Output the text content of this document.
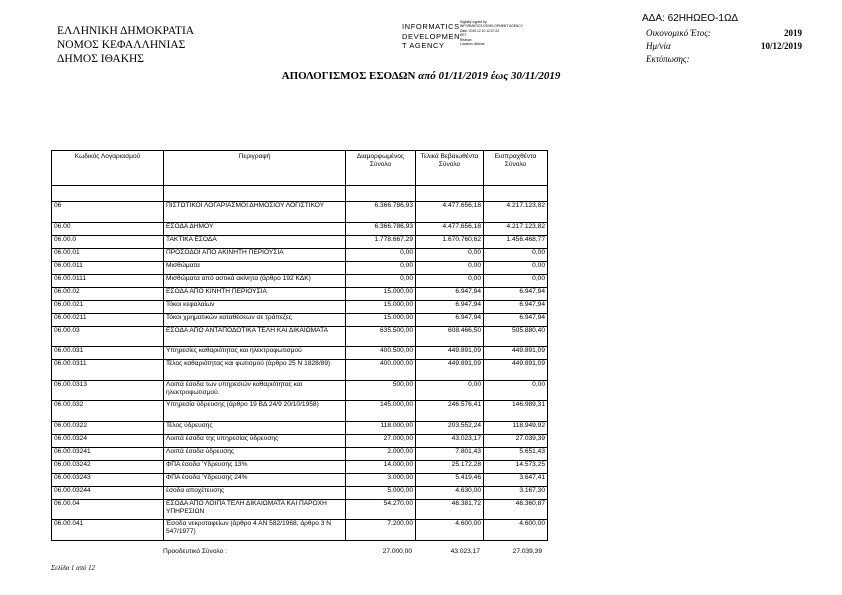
ΕΛΛΗΝΙΚΗ ΔΗΜΟΚΡΑΤΙΑ
ΝΟΜΟΣ ΚΕΦΑΛΛΗΝΙΑΣ
ΔΗΜΟΣ ΙΘΑΚΗΣ
INFORMATICS
DEVELOPMEN
T AGENCY
Digitally signed by
INFORMATICS DEVELOPMENT AGENCY
Date: 2019.12.10 12:27:22
EET
Reason:
Location: Athens
ΑΔΑ: 62ΗΗΩΕΟ-1ΩΔ
Οικονομικό Έτος:	2019
Ημ/νία	10/12/2019
Εκτύπωσης:
ΑΠΟΛΟΓΙΣΜΟΣ ΕΣΟΔΩΝ από 01/11/2019 έως 30/11/2019
Κωδικός Λογαριασμού	Περιγραφή	Διαμορφωμένος Σύνολο	Τελικά Βεβαιωθέντα Σύνολο	Εισπραχθέντα Σύνολο

06	ΠΙΣΤΩΤΙΚΟΙ ΛΟΓΑΡΙΑΣΜΟΙ ΔΗΜΟΣΙΟΥ ΛΟΓΙΣΤΙΚΟΥ	6.366.786,93	4.477.656,18	4.217.123,82
06.00	ΕΣΟΔΑ ΔΗΜΟΥ	6.366.786,93	4.477.656,18	4.217.123,82
06.00.0	ΤΑΚΤΙΚΑ ΕΣΟΔΑ	1.778.667,29	1.670.760,62	1.456.468,77
06.00.01	ΠΡΟΣΟΔΟΙ ΑΠΟ ΑΚΙΝΗΤΗ ΠΕΡΙΟΥΣΙΑ	0,00	0,00	0,00
06.00.011	Μισθώματα	0,00	0,00	0,00
06.00.0111	Μισθώματα από αστικά ακίνητα (άρθρο 192 ΚΔΚ)	0,00	0,00	0,00
06.00.02	ΕΣΟΔΑ ΑΠΟ ΚΙΝΗΤΗ ΠΕΡΙΟΥΣΙΑ	15.000,00	6.947,94	6.947,94
06.00.021	Τόκοι κεφαλαίων	15.000,00	6.947,94	6.947,94
06.00.0211	Τόκοι χρηματικών καταθέσεων σε τράπεζες	15.000,00	6.947,94	6.947,94
06.00.03	ΕΣΟΔΑ ΑΠΟ ΑΝΤΑΠΟΔΟΤΙΚΑ ΤΕΛΗ ΚΑΙ ΔΙΚΑΙΩΜΑΤΑ	635.500,00	608.466,50	505.880,40
06.00.031	Υπηρεσίες καθαριότητας και ηλεκτροφωτισμού	400.500,00	449.891,09	449.891,09
06.00.0311	Τέλος καθαριότητας και φωτισμού (άρθρο 25 Ν 1828/89)	400.000,00	449.891,09	449.891,09
06.00.0313	Λοιπά έσοδα των υπηρεσιών καθαριότητας και ηλεκτροφωτισμού.	500,00	0,00	0,00
06.00.032	Υπηρεσία ύδρευσης (άρθρο 19 ΒΔ 24/9 20/10/1958)	145.000,00	246.576,41	146.989,31
06.00.0322	Τέλος ύδρευσης	118.000,00	203.552,24	118.949,92
06.00.0324	Λοιπά έσοδα της υπηρεσίας ύδρευσης	27.000,00	43.023,17	27.039,39
06.00.03241	Λοιπά έσοδα ύδρευσης	2.000,00	7.801,43	5.651,43
06.00.03242	ΦΠΑ έσοδα Ύδρευσης 13%	14.000,00	25.172,28	14.573,25
06.00.03243	ΦΠΑ έσοδα Ύδρευσης 24%	3.000,00	5.419,46	3.647,41
06.00.03244	έσοδα αποχέτευσης	5.000,00	4.630,00	3.167,30
06.00.04	ΕΣΟΔΑ ΑΠΟ ΛΟΙΠΑ ΤΕΛΗ ΔΙΚΑΙΩΜΑΤΑ ΚΑΙ ΠΑΡΟΧΗ ΥΠΗΡΕΣΙΩΝ	54.270,00	46.381,72	46.360,87
06.00.041	Έσοδα νεκροταφείων (άρθρο 4 ΑΝ 582/1968, άρθρο 3 Ν 547/1977)	7.200,00	4.600,00	4.600,00
Προοδευτικό Σύνολο :	27.000,00	43.023,17	27.039,39
Σελίδα 1 από 12
